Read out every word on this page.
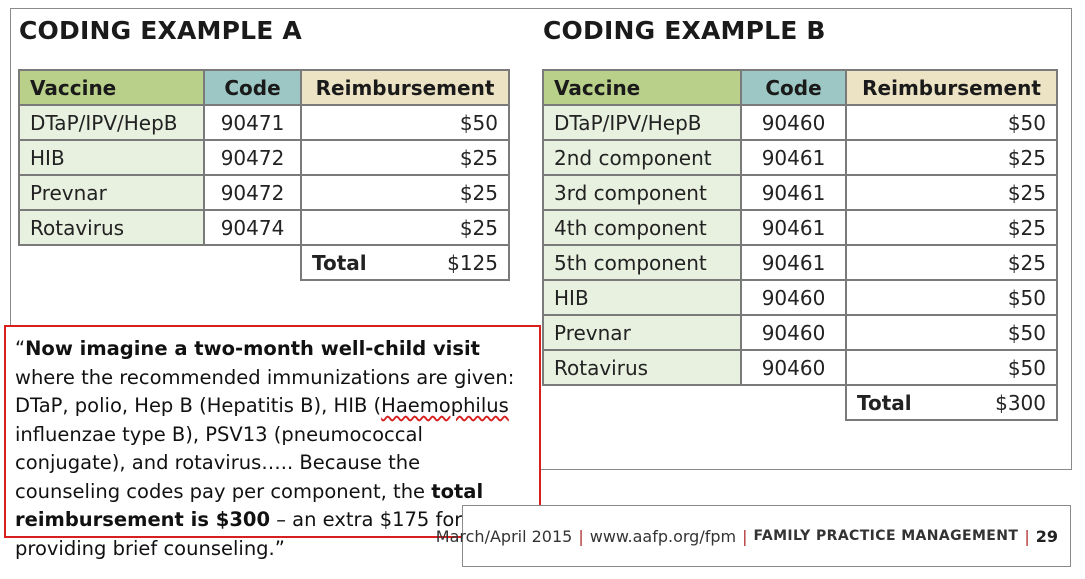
CODING EXAMPLE A
Vaccine	Code	Reimbursement
DTaP/IPV/HepB	90471	$50
HIB	90472	$25
Prevnar	90472	$25
Rotavirus	90474	$25

		Total $125
CODING EXAMPLE B
Vaccine	Code	Reimbursement
DTaP/IPV/HepB	90460	$50
2nd component	90461	$25
3rd component	90461	$25
4th component	90461	$25
5th component	90461	$25
HIB	90460	$50
Prevnar	90460	$50
Rotavirus	90460	$50

		Total $300
“Now imagine a two-month well-child visit where the recommended immunizations are given: DTaP, polio, Hep B (Hepatitis B), HIB (Haemophilus influenzae type B), PSV13 (pneumococcal conjugate), and rotavirus….. Because the counseling codes pay per component, the total reimbursement is $300 – an extra $175 for providing brief counseling.”
March/April 2015 | www.aafp.org/fpm | FAMILY PRACTICE MANAGEMENT | 29
